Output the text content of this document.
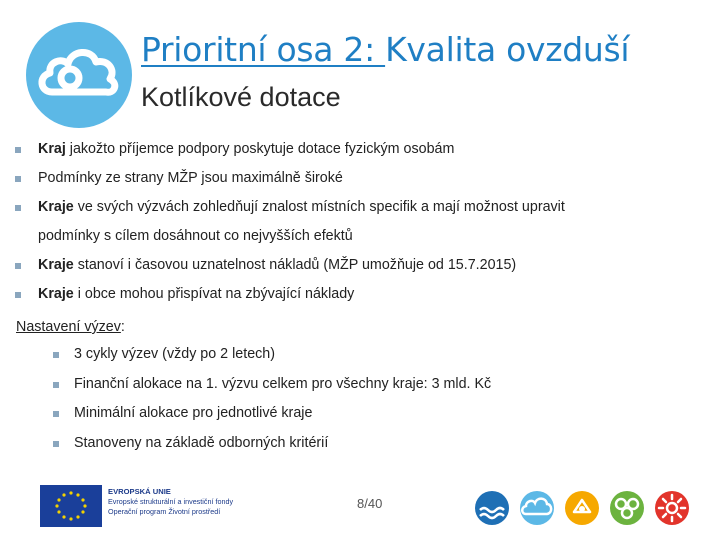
Prioritní osa 2: Kvalita ovzduší
Kotlíkové dotace
Kraj jakožto příjemce podpory poskytuje dotace fyzickým osobám
Podmínky ze strany MŽP jsou maximálně široké
Kraje ve svých výzvách zohledňují znalost místních specifik a mají možnost upravit
podmínky s cílem dosáhnout co nejvyšších efektů
Kraje stanoví i časovou uznatelnost nákladů (MŽP umožňuje od 15.7.2015)
Kraje i obce mohou přispívat na zbývající náklady
Nastavení výzev:
3 cykly výzev (vždy po 2 letech)
Finanční alokace na 1. výzvu celkem pro všechny kraje: 3 mld. Kč
Minimální alokace pro jednotlivé kraje
Stanoveny na základě odborných kritérií
EVROPSKÁ UNIE
Evropské strukturální a investiční fondy
Operační program Životní prostředí
8/40
